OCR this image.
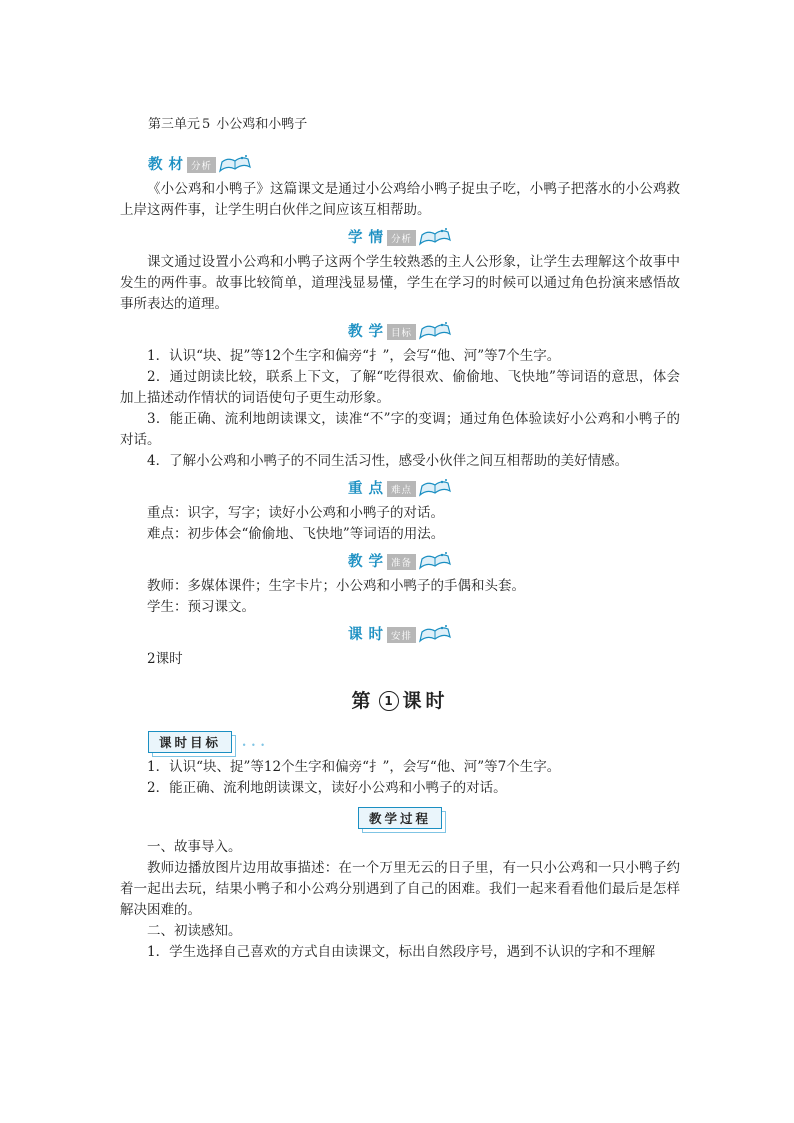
第三单元 5 小公鸡和小鸭子
教材 分析

《小公鸡和小鸭子》这篇课文是通过小公鸡给小鸭子捉虫子吃，小鸭子把落水的小公鸡救上岸这两件事，让学生明白伙伴之间应该互相帮助。

学情 分析

课文通过设置小公鸡和小鸭子这两个学生较熟悉的主人公形象，让学生去理解这个故事中发生的两件事。故事比较简单，道理浅显易懂，学生在学习的时候可以通过角色扮演来感悟故事所表达的道理。

教学 目标

1．认识“块、捉”等12个生字和偏旁“扌”，会写“他、河”等7个生字。

2．通过朗读比较，联系上下文，了解“吃得很欢、偷偷地、飞快地”等词语的意思，体会加上描述动作情状的词语使句子更生动形象。

3．能正确、流利地朗读课文，读准“不”字的变调；通过角色体验读好小公鸡和小鸭子的对话。

4．了解小公鸡和小鸭子的不同生活习性，感受小伙伴之间互相帮助的美好情感。

重点 难点

重点：识字，写字；读好小公鸡和小鸭子的对话。

难点：初步体会“偷偷地、飞快地”等词语的用法。

教学 准备

教师：多媒体课件；生字卡片；小公鸡和小鸭子的手偶和头套。

学生：预习课文。

课时 安排

2课时

第 1 课时
课时目标	• • •

1．认识“块、捉”等12个生字和偏旁“扌”，会写“他、河”等7个生字。

2．能正确、流利地朗读课文，读好小公鸡和小鸭子的对话。

教学过程

一、故事导入。

教师边播放图片边用故事描述：在一个万里无云的日子里，有一只小公鸡和一只小鸭子约着一起出去玩，结果小鸭子和小公鸡分别遇到了自己的困难。我们一起来看看他们最后是怎样解决困难的。

二、初读感知。

1．学生选择自己喜欢的方式自由读课文，标出自然段序号，遇到不认识的字和不理解
